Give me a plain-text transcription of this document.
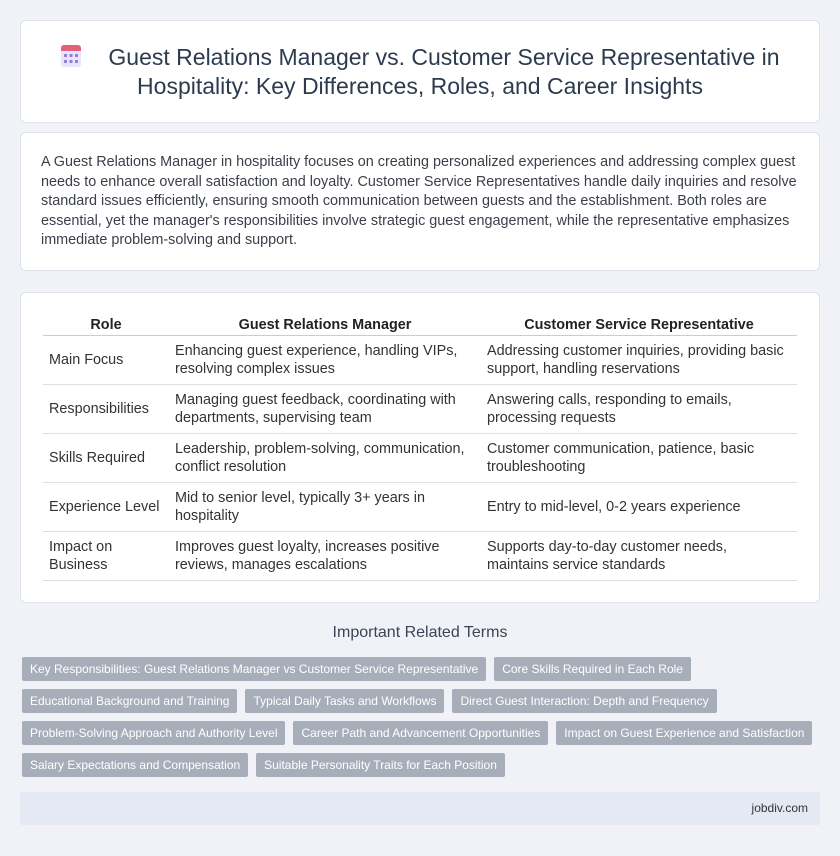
Guest Relations Manager vs. Customer Service Representative in Hospitality: Key Differences, Roles, and Career Insights

A Guest Relations Manager in hospitality focuses on creating personalized experiences and addressing complex guest needs to enhance overall satisfaction and loyalty. Customer Service Representatives handle daily inquiries and resolve standard issues efficiently, ensuring smooth communication between guests and the establishment. Both roles are essential, yet the manager's responsibilities involve strategic guest engagement, while the representative emphasizes immediate problem-solving and support.

Role	Guest Relations Manager	Customer Service Representative
Main Focus	Enhancing guest experience, handling VIPs, resolving complex issues	Addressing customer inquiries, providing basic support, handling reservations
Responsibilities	Managing guest feedback, coordinating with departments, supervising team	Answering calls, responding to emails, processing requests
Skills Required	Leadership, problem-solving, communication, conflict resolution	Customer communication, patience, basic troubleshooting
Experience Level	Mid to senior level, typically 3+ years in hospitality	Entry to mid-level, 0-2 years experience
Impact on Business	Improves guest loyalty, increases positive reviews, manages escalations	Supports day-to-day customer needs, maintains service standards
Important Related Terms
Key Responsibilities: Guest Relations Manager vs Customer Service Representative	Core Skills Required in Each Role
Educational Background and Training	Typical Daily Tasks and Workflows	Direct Guest Interaction: Depth and Frequency
Problem-Solving Approach and Authority Level	Career Path and Advancement Opportunities	Impact on Guest Experience and Satisfaction
Salary Expectations and Compensation	Suitable Personality Traits for Each Position
jobdiv.com
